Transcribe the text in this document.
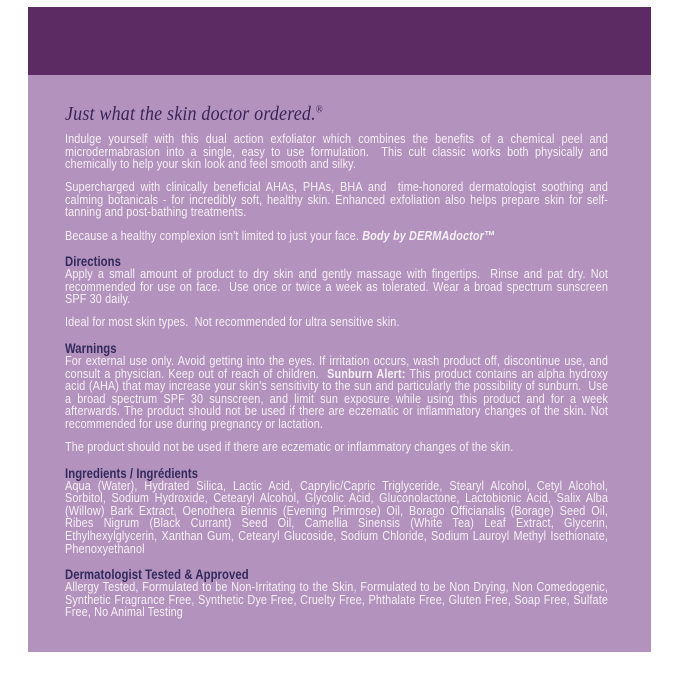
Just what the skin doctor ordered.®

Indulge yourself with this dual action exfoliator which combines the benefits of a chemical peel and microdermabrasion into a single, easy to use formulation.  This cult classic works both physically and chemically to help your skin look and feel smooth and silky.

Supercharged with clinically beneficial AHAs, PHAs, BHA and  time-honored dermatologist soothing and calming botanicals - for incredibly soft, healthy skin. Enhanced exfoliation also helps prepare skin for self-tanning and post-bathing treatments.

Because a healthy complexion isn't limited to just your face. Body by DERMAdoctor™

Directions

Apply a small amount of product to dry skin and gently massage with fingertips.  Rinse and pat dry. Not recommended for use on face.  Use once or twice a week as tolerated. Wear a broad spectrum sunscreen SPF 30 daily.

Ideal for most skin types.  Not recommended for ultra sensitive skin.

Warnings

For external use only. Avoid getting into the eyes. If irritation occurs, wash product off, discontinue use, and consult a physician. Keep out of reach of children.  Sunburn Alert: This product contains an alpha hydroxy acid (AHA) that may increase your skin's sensitivity to the sun and particularly the possibility of sunburn.  Use a broad spectrum SPF 30 sunscreen, and limit sun exposure while using this product and for a week afterwards. The product should not be used if there are eczematic or inflammatory changes of the skin. Not recommended for use during pregnancy or lactation.

The product should not be used if there are eczematic or inflammatory changes of the skin.

Ingredients / Ingrédients

Aqua (Water), Hydrated Silica, Lactic Acid, Caprylic/Capric Triglyceride, Stearyl Alcohol, Cetyl Alcohol, Sorbitol, Sodium Hydroxide, Cetearyl Alcohol, Glycolic Acid, Gluconolactone, Lactobionic Acid, Salix Alba (Willow) Bark Extract, Oenothera Biennis (Evening Primrose) Oil, Borago Officianalis (Borage) Seed Oil, Ribes Nigrum (Black Currant) Seed Oil, Camellia Sinensis (White Tea) Leaf Extract, Glycerin, Ethylhexylglycerin, Xanthan Gum, Cetearyl Glucoside, Sodium Chloride, Sodium Lauroyl Methyl Isethionate, Phenoxyethanol

Dermatologist Tested & Approved

Allergy Tested, Formulated to be Non-Irritating to the Skin, Formulated to be Non Drying, Non Comedogenic, Synthetic Fragrance Free, Synthetic Dye Free, Cruelty Free, Phthalate Free, Gluten Free, Soap Free, Sulfate Free, No Animal Testing
